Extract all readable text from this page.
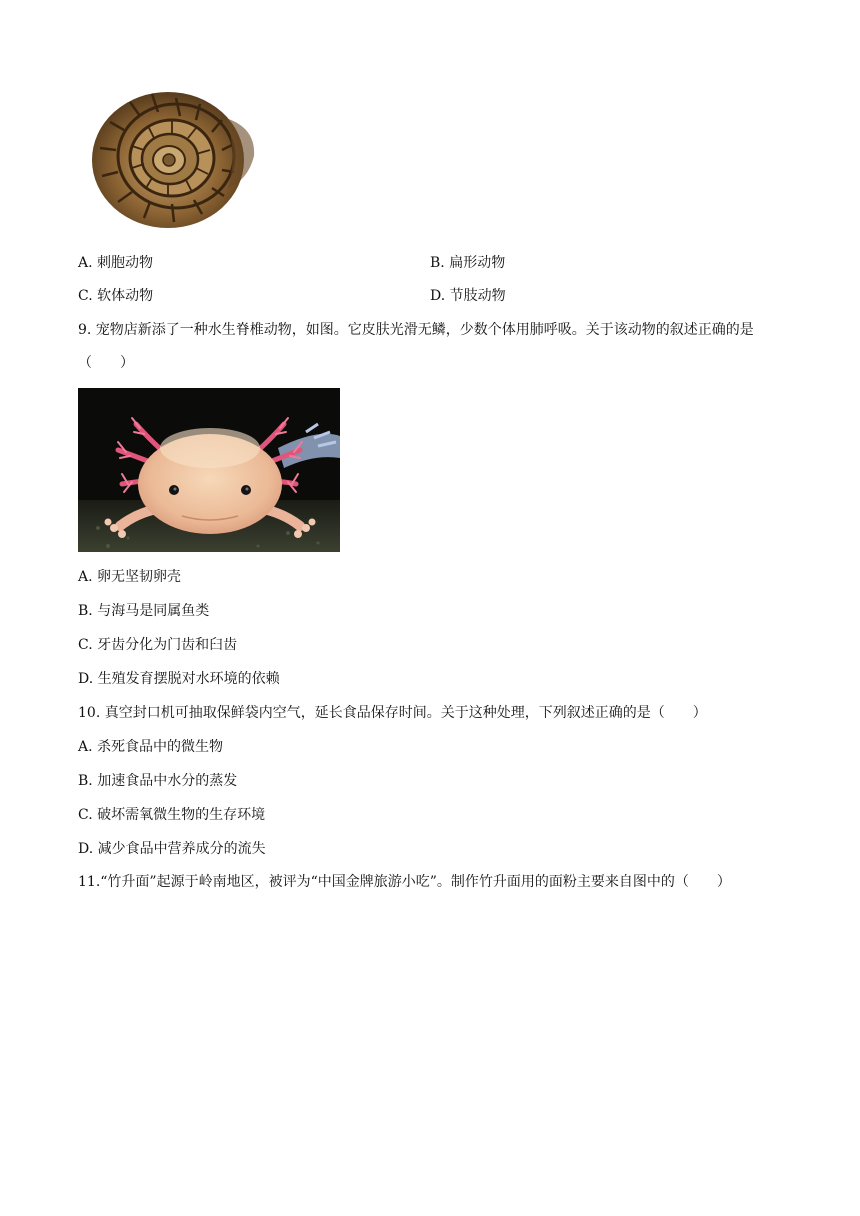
A. 刺胞动物	B. 扁形动物
C. 软体动物	D. 节肢动物
9. 宠物店新添了一种水生脊椎动物，如图。它皮肤光滑无鳞，少数个体用肺呼吸。关于该动物的叙述正确的是（　　）
A. 卵无坚韧卵壳
B. 与海马是同属鱼类
C. 牙齿分化为门齿和臼齿
D. 生殖发育摆脱对水环境的依赖
10. 真空封口机可抽取保鲜袋内空气，延长食品保存时间。关于这种处理，下列叙述正确的是（　　）
A. 杀死食品中的微生物
B. 加速食品中水分的蒸发
C. 破坏需氧微生物的生存环境
D. 减少食品中营养成分的流失
11.“竹升面”起源于岭南地区，被评为“中国金牌旅游小吃”。制作竹升面用的面粉主要来自图中的（　　）
